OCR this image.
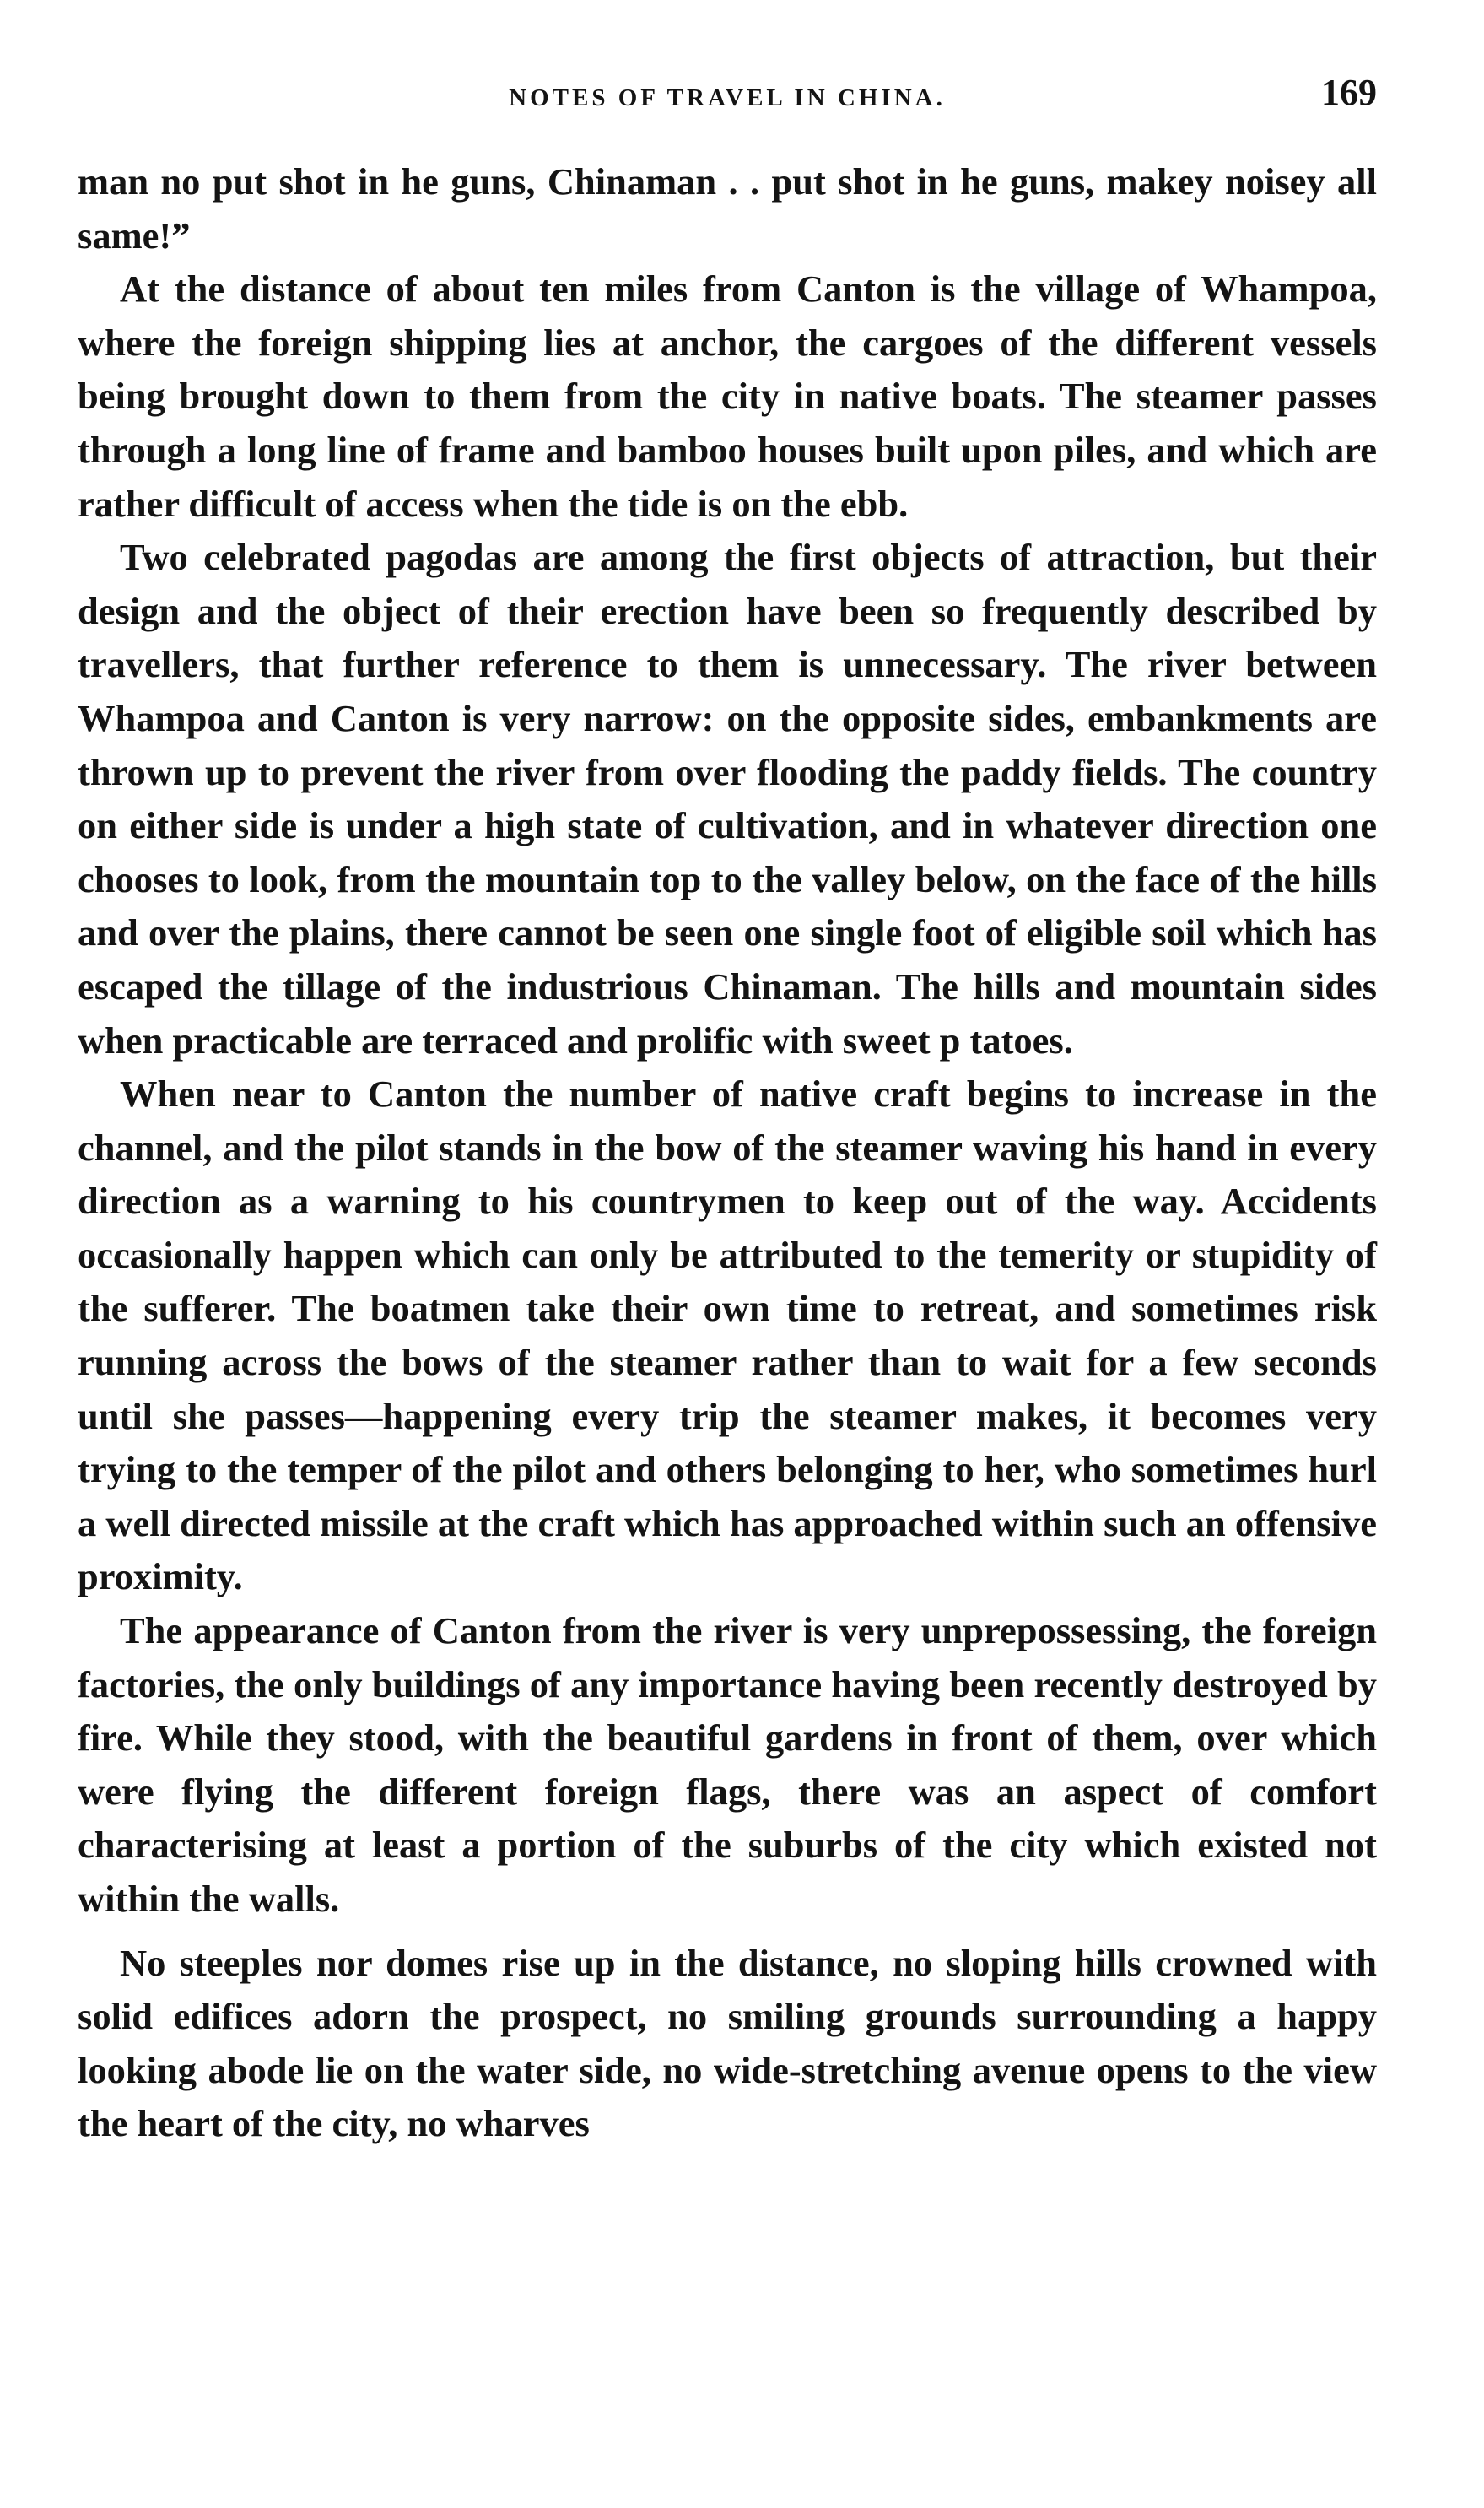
NOTES OF TRAVEL IN CHINA.	169

man no put shot in he guns, Chinaman . . put shot in he guns, makey noisey all same!”

At the distance of about ten miles from Canton is the village of Whampoa, where the foreign shipping lies at anchor, the cargoes of the different vessels being brought down to them from the city in native boats. The steamer passes through a long line of frame and bamboo houses built upon piles, and which are rather difficult of access when the tide is on the ebb.

Two celebrated pagodas are among the first objects of attraction, but their design and the object of their erection have been so frequently described by travellers, that further reference to them is unnecessary. The river between Whampoa and Canton is very narrow: on the opposite sides, embankments are thrown up to prevent the river from over flooding the paddy fields. The country on either side is under a high state of cultivation, and in whatever direction one chooses to look, from the mountain top to the valley below, on the face of the hills and over the plains, there cannot be seen one single foot of eligible soil which has escaped the tillage of the industrious Chinaman. The hills and mountain sides when practicable are terraced and prolific with sweet p tatoes.

When near to Canton the number of native craft begins to increase in the channel, and the pilot stands in the bow of the steamer waving his hand in every direction as a warning to his countrymen to keep out of the way. Accidents occasionally happen which can only be attributed to the temerity or stupidity of the sufferer. The boatmen take their own time to retreat, and sometimes risk running across the bows of the steamer rather than to wait for a few seconds until she passes—happening every trip the steamer makes, it becomes very trying to the temper of the pilot and others belonging to her, who sometimes hurl a well directed missile at the craft which has approached within such an offensive proximity.

The appearance of Canton from the river is very unprepossessing, the foreign factories, the only buildings of any importance having been recently destroyed by fire. While they stood, with the beautiful gardens in front of them, over which were flying the different foreign flags, there was an aspect of comfort characterising at least a portion of the suburbs of the city which existed not within the walls.

No steeples nor domes rise up in the distance, no sloping hills crowned with solid edifices adorn the prospect, no smiling grounds surrounding a happy looking abode lie on the water side, no wide-stretching avenue opens to the view the heart of the city, no wharves
